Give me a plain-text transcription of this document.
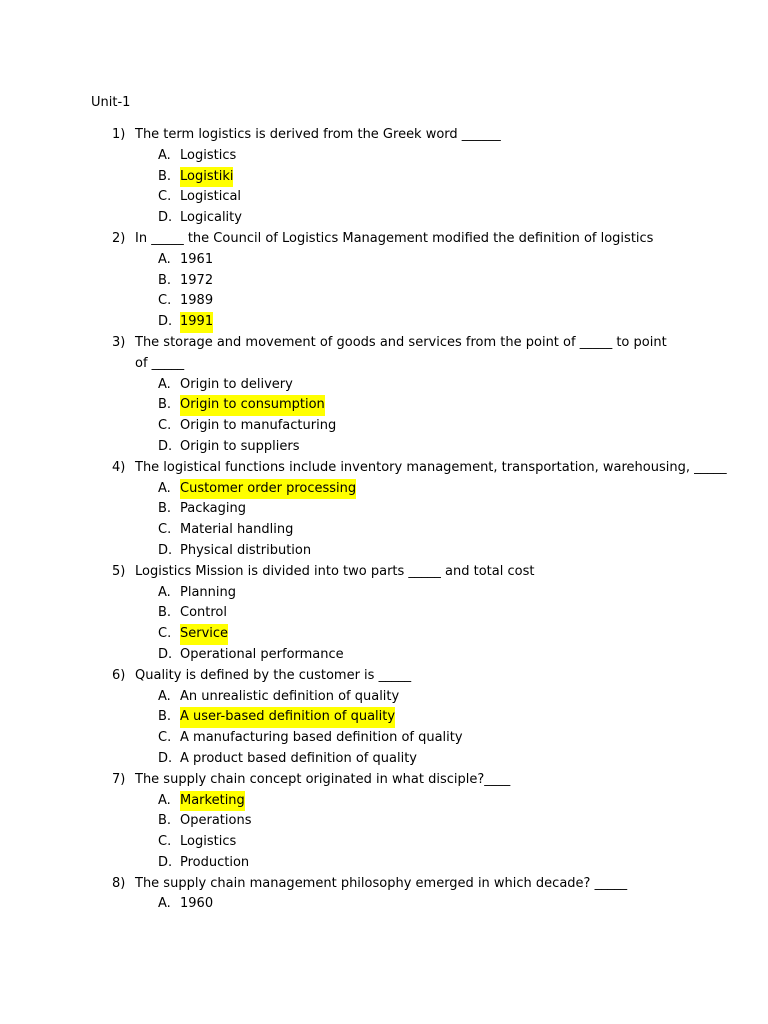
Unit-1
1) The term logistics is derived from the Greek word ______
A. Logistics
B. Logistiki
C. Logistical
D. Logicality
2) In _____ the Council of Logistics Management modified the definition of logistics
A. 1961
B. 1972
C. 1989
D. 1991
3) The storage and movement of goods and services from the point of _____ to point of _____
A. Origin to delivery
B. Origin to consumption
C. Origin to manufacturing
D. Origin to suppliers
4) The logistical functions include inventory management, transportation, warehousing, _____
A. Customer order processing
B. Packaging
C. Material handling
D. Physical distribution
5) Logistics Mission is divided into two parts _____ and total cost
A. Planning
B. Control
C. Service
D. Operational performance
6) Quality is defined by the customer is _____
A. An unrealistic definition of quality
B. A user-based definition of quality
C. A manufacturing based definition of quality
D. A product based definition of quality
7) The supply chain concept originated in what disciple?____
A. Marketing
B. Operations
C. Logistics
D. Production
8) The supply chain management philosophy emerged in which decade? _____
A. 1960
